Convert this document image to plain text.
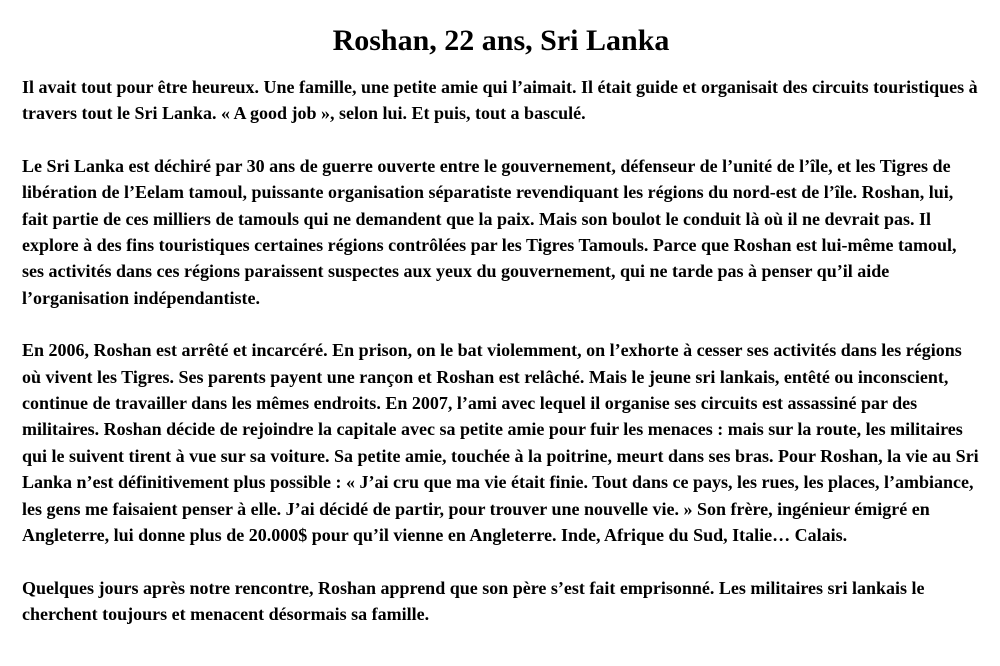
Roshan, 22 ans, Sri Lanka

Il avait tout pour être heureux. Une famille, une petite amie qui l’aimait. Il était guide et organisait des circuits touristiques à travers tout le Sri Lanka. « A good job », selon lui. Et puis, tout a basculé.

Le Sri Lanka est déchiré par 30 ans de guerre ouverte entre le gouvernement, défenseur de l’unité de l’île, et les Tigres de libération de l’Eelam tamoul, puissante organisation séparatiste revendiquant les régions du nord-est de l’île. Roshan, lui, fait partie de ces milliers de tamouls qui ne demandent que la paix. Mais son boulot le conduit là où il ne devrait pas. Il explore à des fins touristiques certaines régions contrôlées par les Tigres Tamouls. Parce que Roshan est lui-même tamoul, ses activités dans ces régions paraissent suspectes aux yeux du gouvernement, qui ne tarde pas à penser qu’il aide l’organisation indépendantiste.

En 2006, Roshan est arrêté et incarcéré. En prison, on le bat violemment, on l’exhorte à cesser ses activités dans les régions où vivent les Tigres. Ses parents payent une rançon et Roshan est relâché. Mais le jeune sri lankais, entêté ou inconscient, continue de travailler dans les mêmes endroits. En 2007, l’ami avec lequel il organise ses circuits est assassiné par des militaires. Roshan décide de rejoindre la capitale avec sa petite amie pour fuir les menaces : mais sur la route, les militaires qui le suivent tirent à vue sur sa voiture. Sa petite amie, touchée à la poitrine, meurt dans ses bras. Pour Roshan, la vie au Sri Lanka n’est définitivement plus possible : « J’ai cru que ma vie était finie. Tout dans ce pays, les rues, les places, l’ambiance, les gens me faisaient penser à elle. J’ai décidé de partir, pour trouver une nouvelle vie. » Son frère, ingénieur émigré en Angleterre, lui donne plus de 20.000$ pour qu’il vienne en Angleterre. Inde, Afrique du Sud, Italie… Calais.

Quelques jours après notre rencontre, Roshan apprend que son père s’est fait emprisonné. Les militaires sri lankais le cherchent toujours et menacent désormais sa famille.
